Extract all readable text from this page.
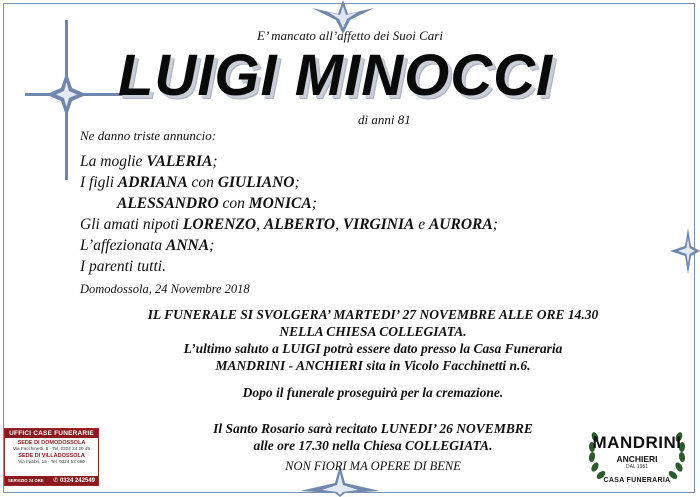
E’ mancato all’affetto dei Suoi Cari
LUIGI MINOCCI
di anni 81
Ne danno triste annuncio:
La moglie VALERIA;
I figli ADRIANA con GIULIANO;
ALESSANDRO con MONICA;
Gli amati nipoti LORENZO, ALBERTO, VIRGINIA e AURORA;
L’affezionata ANNA;
I parenti tutti.
Domodossola, 24 Novembre 2018
IL FUNERALE SI SVOLGERA’ MARTEDI’ 27 NOVEMBRE ALLE ORE 14.30
NELLA CHIESA COLLEGIATA.
L’ultimo saluto a LUIGI potrà essere dato presso la Casa Funeraria
MANDRINI - ANCHIERI sita in Vicolo Facchinetti n.6.
Dopo il funerale proseguirà per la cremazione.
Il Santo Rosario sarà recitato LUNEDI’ 26 NOVEMBRE
alle ore 17.30 nella Chiesa COLLEGIATA.
NON FIORI MA OPERE DI BENE
UFFICI CASE FUNERARIE
SEDE DI DOMODOSSOLA
Via Facchinetti, 8 - Tel. 0324 24 29 49
SEDE DI VILLADOSSOLA
Via Fabbri, 15 - Tel. 0324 53 690
SERVIZIO 24 ORE ✆ 0324 242549
MANDRINI
ANCHIERI
DAL 1951
CASA FUNERARIA
